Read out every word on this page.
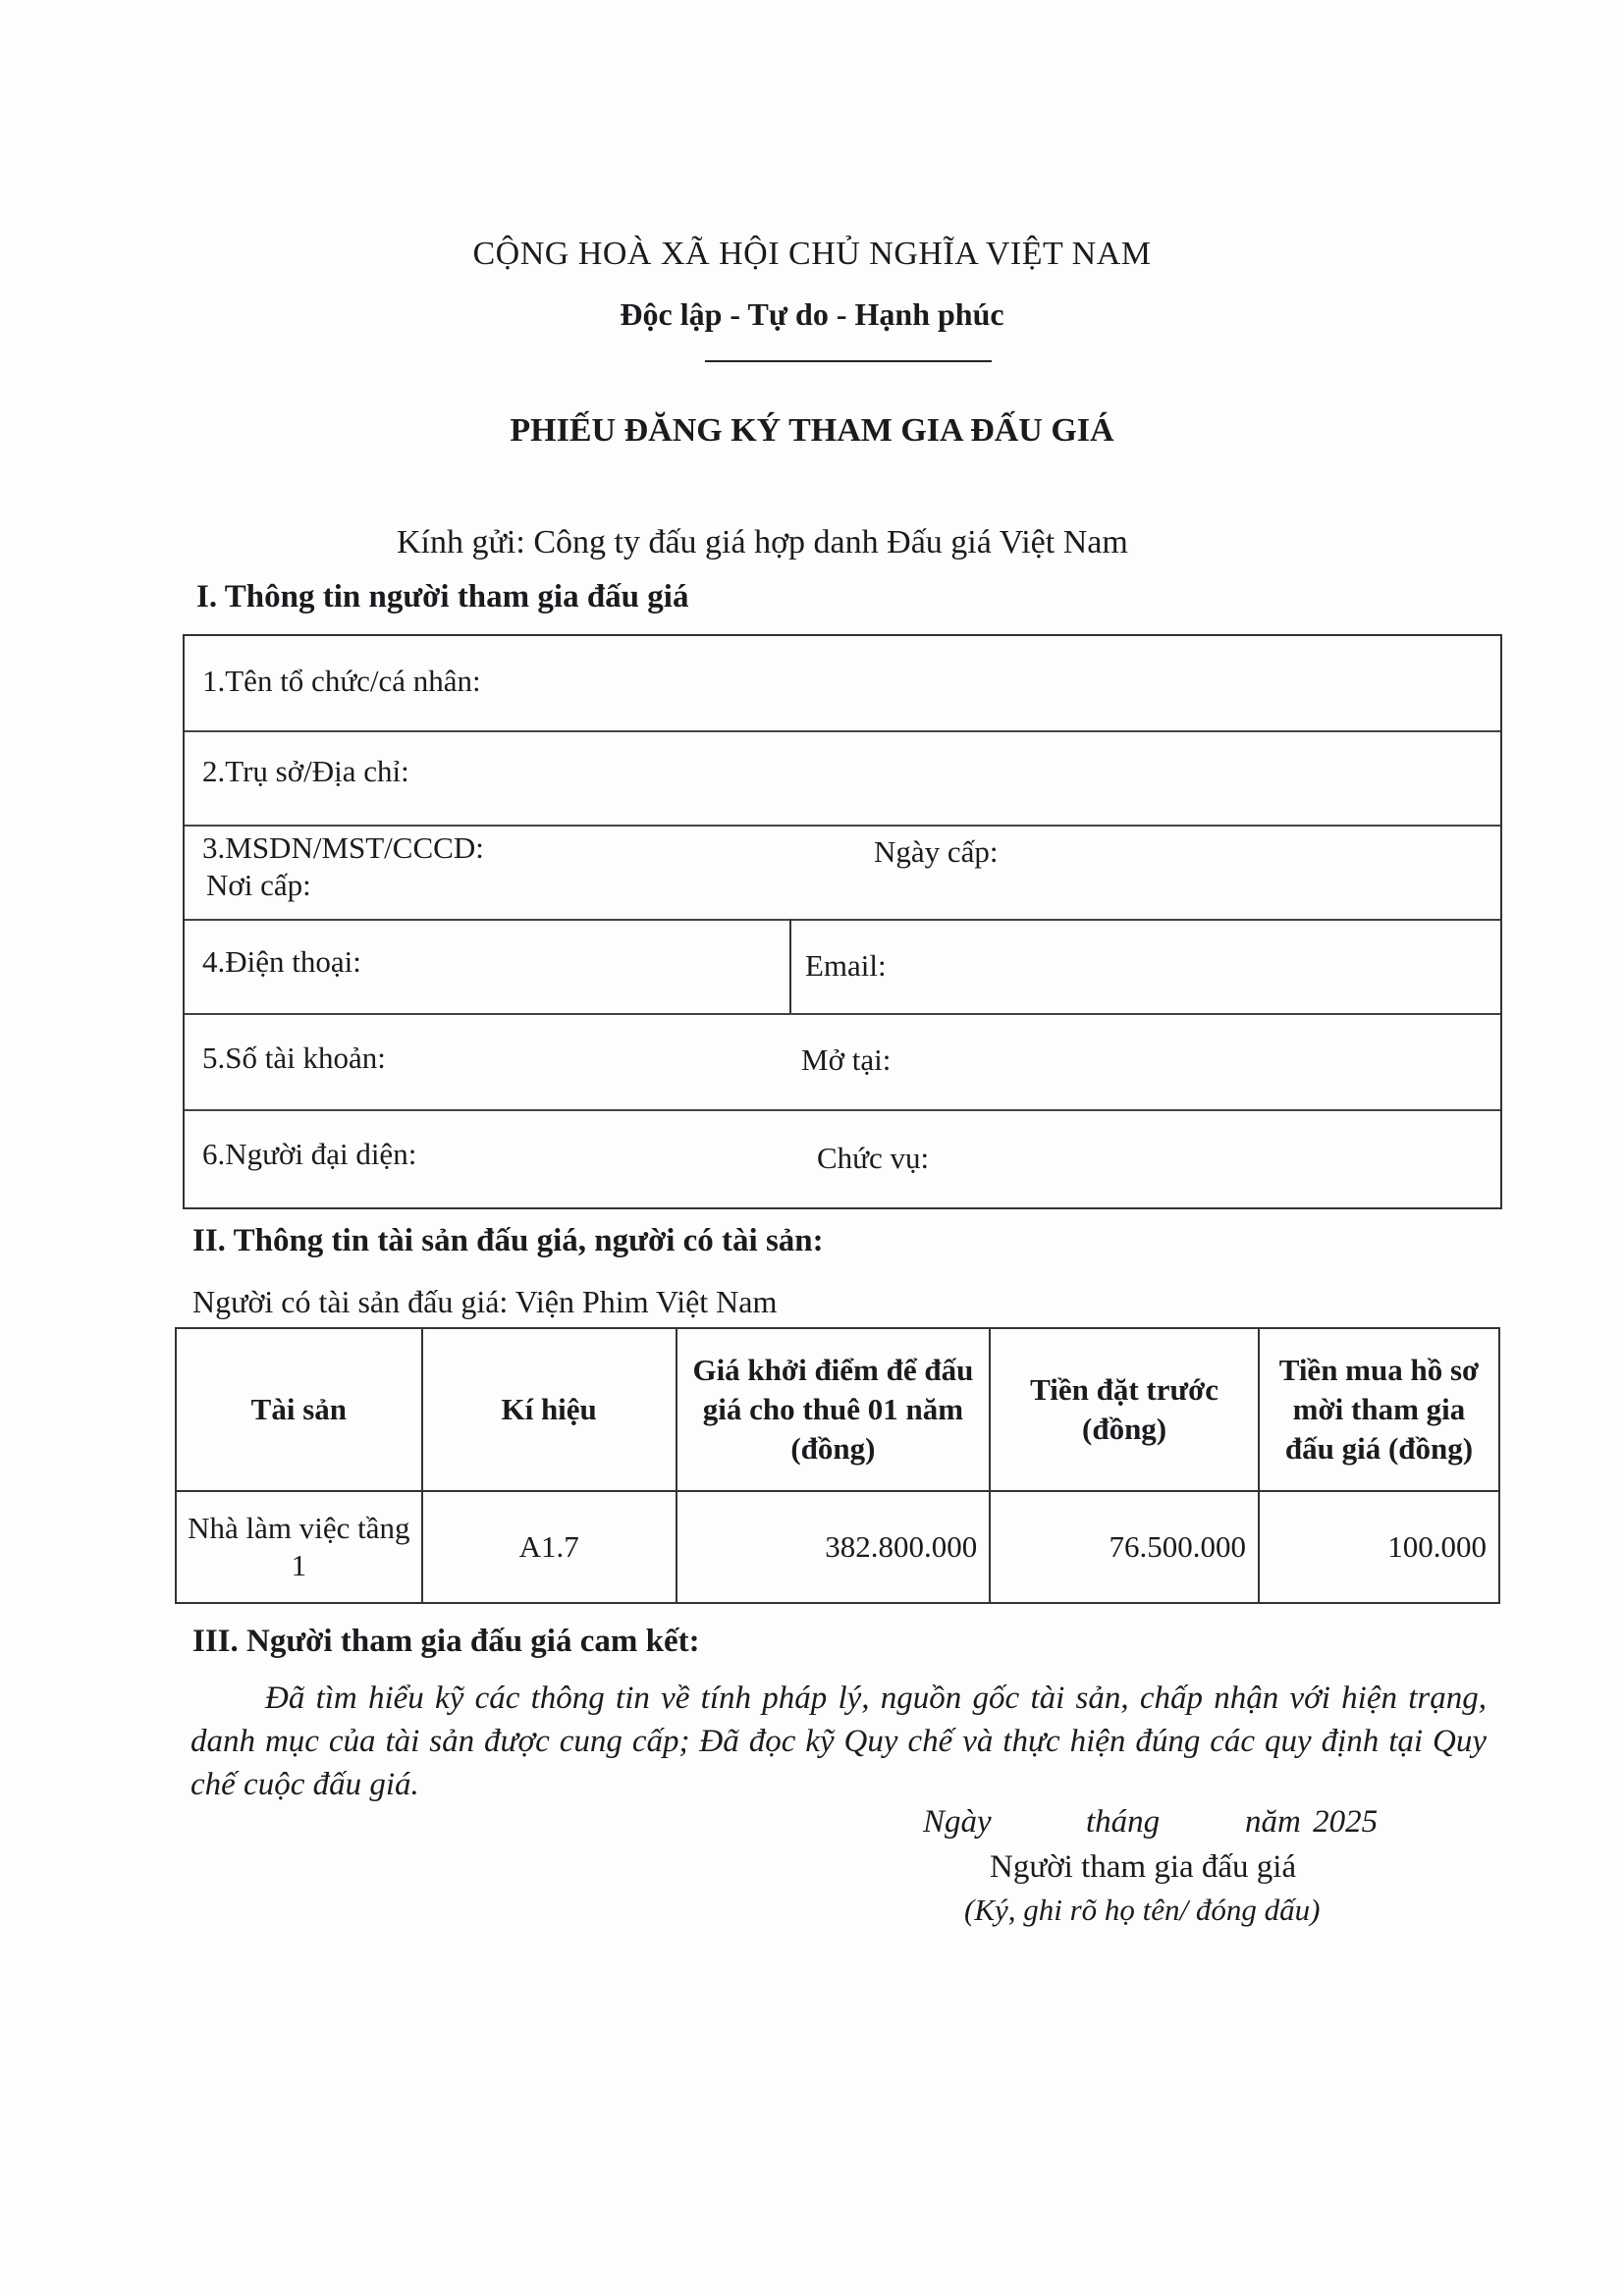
CỘNG HOÀ XÃ HỘI CHỦ NGHĨA VIỆT NAM
Độc lập - Tự do - Hạnh phúc
PHIẾU ĐĂNG KÝ THAM GIA ĐẤU GIÁ
Kính gửi: Công ty đấu giá hợp danh Đấu giá Việt Nam
I. Thông tin người tham gia đấu giá
1.Tên tổ chức/cá nhân:
2.Trụ sở/Địa chỉ:
3.MSDN/MST/CCCD:	Ngày cấp:
Nơi cấp:
4.Điện thoại:	Email:
5.Số tài khoản:	Mở tại:
6.Người đại diện:	Chức vụ:
II. Thông tin tài sản đấu giá, người có tài sản:
Người có tài sản đấu giá: Viện Phim Việt Nam
Tài sản	Kí hiệu	Giá khởi điểm để đấu giá cho thuê 01 năm (đồng)	Tiền đặt trước (đồng)	Tiền mua hồ sơ mời tham gia đấu giá (đồng)
Nhà làm việc tầng 1	A1.7	382.800.000	76.500.000	100.000
III. Người tham gia đấu giá cam kết:
Đã tìm hiểu kỹ các thông tin về tính pháp lý, nguồn gốc tài sản, chấp nhận với hiện trạng, danh mục của tài sản được cung cấp; Đã đọc kỹ Quy chế và thực hiện đúng các quy định tại Quy chế cuộc đấu giá.
Ngày	tháng	năm 2025
Người tham gia đấu giá
(Ký, ghi rõ họ tên/ đóng dấu)
